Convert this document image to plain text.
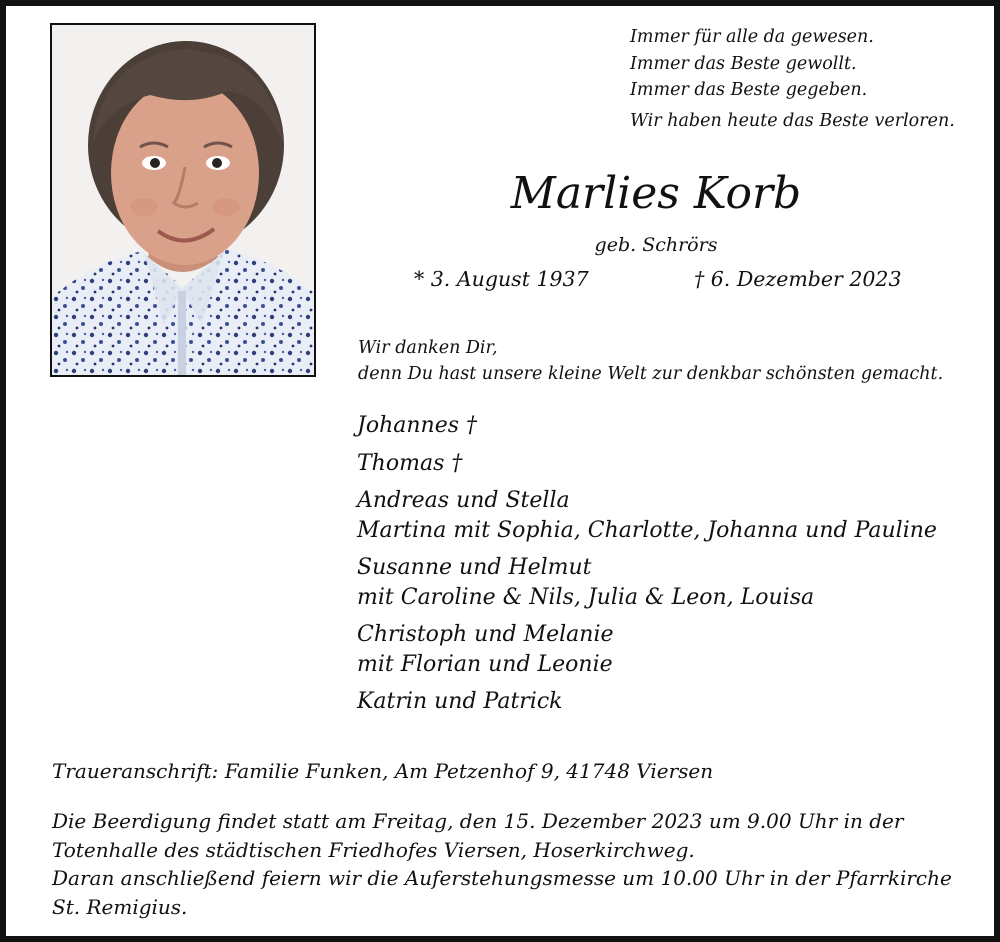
Immer für alle da gewesen.
Immer das Beste gewollt.
Immer das Beste gegeben.
Wir haben heute das Beste verloren.
Marlies Korb
geb. Schrörs
* 3. August 1937	† 6. Dezember 2023
Wir danken Dir,
denn Du hast unsere kleine Welt zur denkbar schönsten gemacht.
Johannes †
Thomas †
Andreas und Stella
Martina mit Sophia, Charlotte, Johanna und Pauline
Susanne und Helmut
mit Caroline & Nils, Julia & Leon, Louisa
Christoph und Melanie
mit Florian und Leonie
Katrin und Patrick
Traueranschrift: Familie Funken, Am Petzenhof 9, 41748 Viersen
Die Beerdigung findet statt am Freitag, den 15. Dezember 2023 um 9.00 Uhr in der
Totenhalle des städtischen Friedhofes Viersen, Hoserkirchweg.
Daran anschließend feiern wir die Auferstehungsmesse um 10.00 Uhr in der Pfarrkirche
St. Remigius.
